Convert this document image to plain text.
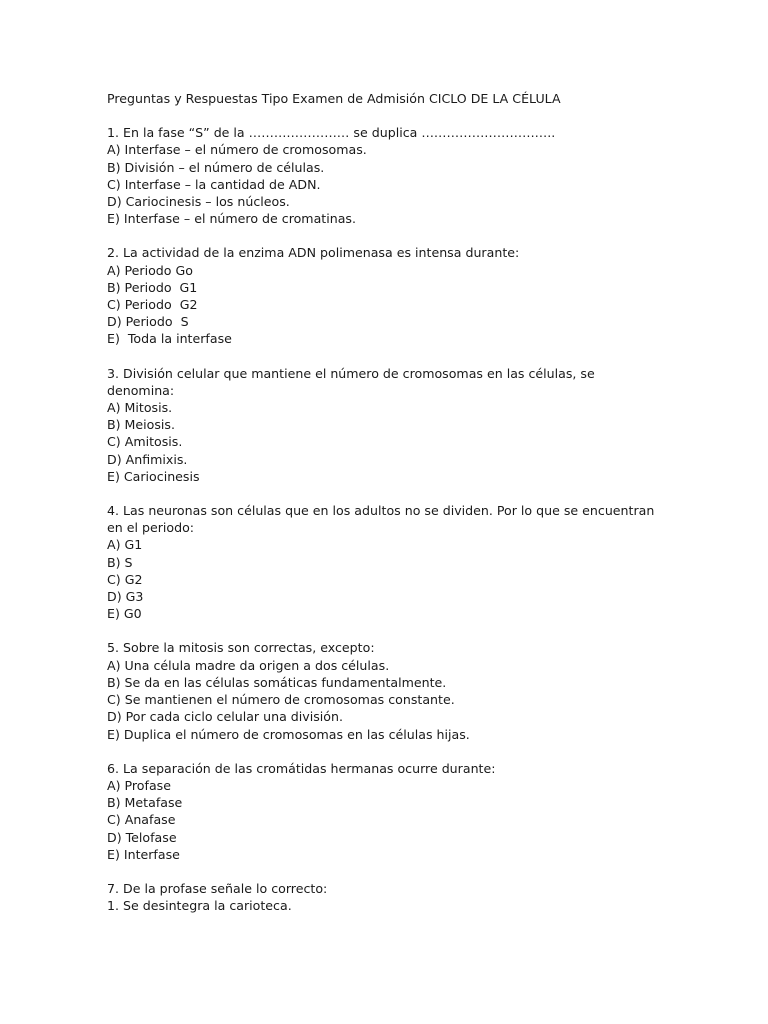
Preguntas y Respuestas Tipo Examen de Admisión CICLO DE LA CÉLULA
1. En la fase “S” de la …………………… se duplica …………………………..
A) Interfase – el número de cromosomas.
B) División – el número de células.
C) Interfase – la cantidad de ADN.
D) Cariocinesis – los núcleos.
E) Interfase – el número de cromatinas.
2. La actividad de la enzima ADN polimenasa es intensa durante:
A) Periodo Go
B) Periodo  G1
C) Periodo  G2
D) Periodo  S
E)  Toda la interfase
3. División celular que mantiene el número de cromosomas en las células, se
denomina:
A) Mitosis.
B) Meiosis.
C) Amitosis.
D) Anfimixis.
E) Cariocinesis
4. Las neuronas son células que en los adultos no se dividen. Por lo que se encuentran
en el periodo:
A) G1
B) S
C) G2
D) G3
E) G0
5. Sobre la mitosis son correctas, excepto:
A) Una célula madre da origen a dos células.
B) Se da en las células somáticas fundamentalmente.
C) Se mantienen el número de cromosomas constante.
D) Por cada ciclo celular una división.
E) Duplica el número de cromosomas en las células hijas.
6. La separación de las cromátidas hermanas ocurre durante:
A) Profase
B) Metafase
C) Anafase
D) Telofase
E) Interfase
7. De la profase señale lo correcto:
1. Se desintegra la carioteca.
